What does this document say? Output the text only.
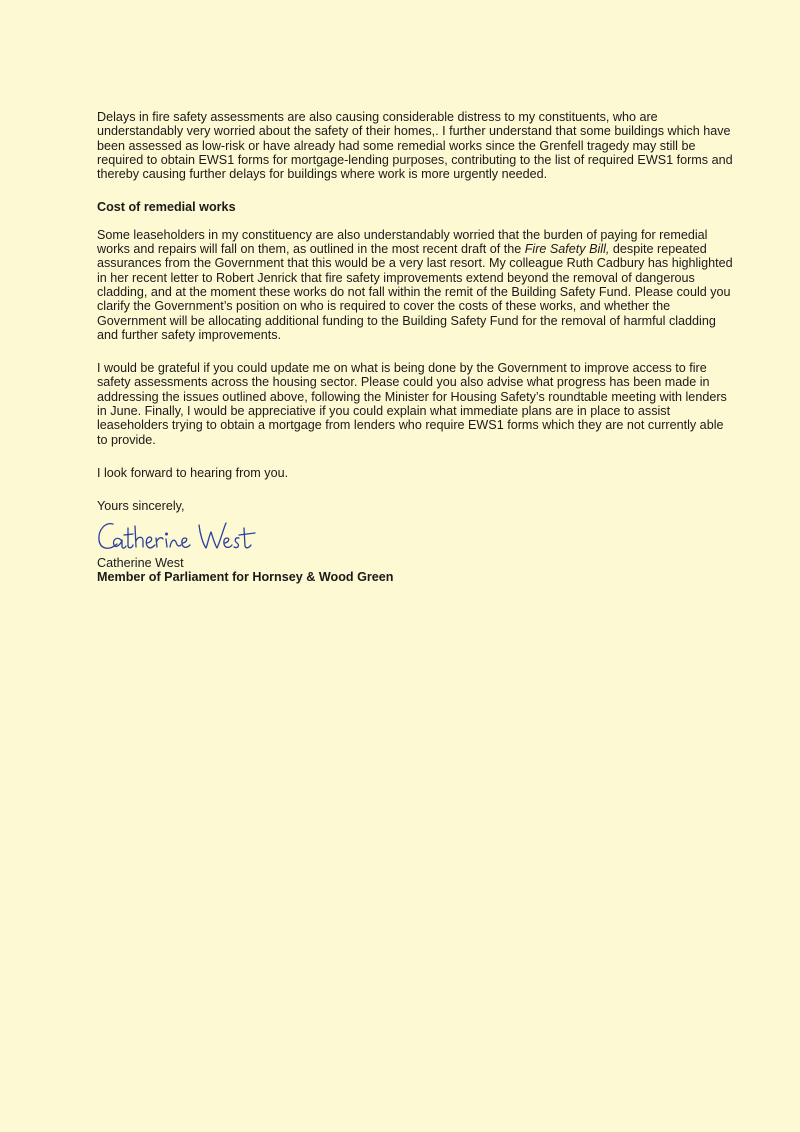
Delays in fire safety assessments are also causing considerable distress to my constituents, who are understandably very worried about the safety of their homes,. I further understand that some buildings which have been assessed as low-risk or have already had some remedial works since the Grenfell tragedy may still be required to obtain EWS1 forms for mortgage-lending purposes, contributing to the list of required EWS1 forms and thereby causing further delays for buildings where work is more urgently needed.

Cost of remedial works

Some leaseholders in my constituency are also understandably worried that the burden of paying for remedial works and repairs will fall on them, as outlined in the most recent draft of the Fire Safety Bill, despite repeated assurances from the Government that this would be a very last resort. My colleague Ruth Cadbury has highlighted in her recent letter to Robert Jenrick that fire safety improvements extend beyond the removal of dangerous cladding, and at the moment these works do not fall within the remit of the Building Safety Fund. Please could you clarify the Government’s position on who is required to cover the costs of these works, and whether the Government will be allocating additional funding to the Building Safety Fund for the removal of harmful cladding and further safety improvements.

I would be grateful if you could update me on what is being done by the Government to improve access to fire safety assessments across the housing sector. Please could you also advise what progress has been made in addressing the issues outlined above, following the Minister for Housing Safety’s roundtable meeting with lenders in June. Finally, I would be appreciative if you could explain what immediate plans are in place to assist leaseholders trying to obtain a mortgage from lenders who require EWS1 forms which they are not currently able to provide.

I look forward to hearing from you.

Yours sincerely,

Catherine West

Member of Parliament for Hornsey & Wood Green
